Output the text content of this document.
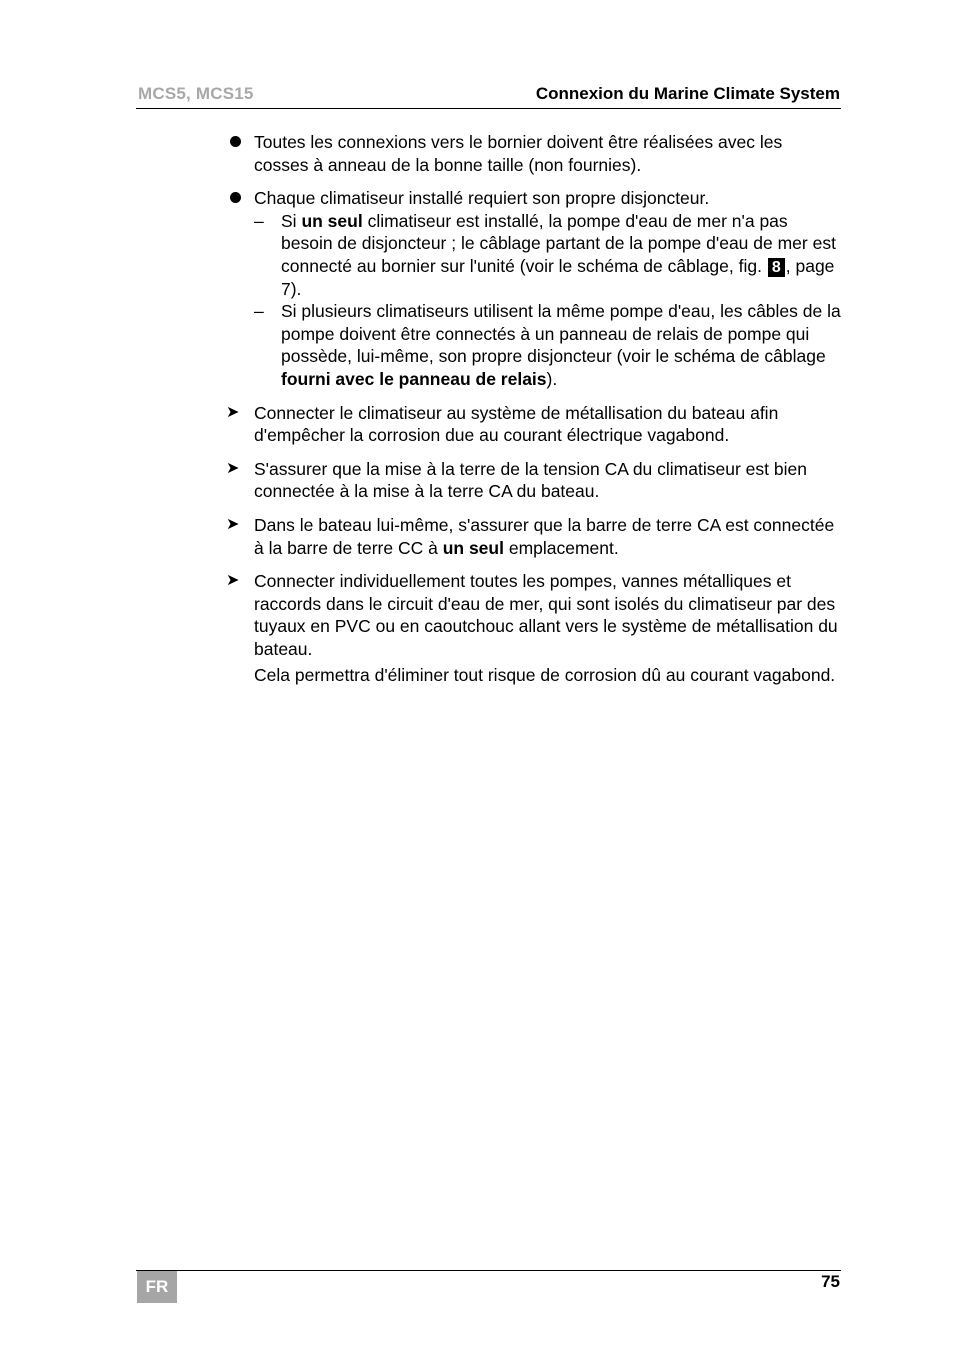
MCS5, MCS15	Connexion du Marine Climate System
Toutes les connexions vers le bornier doivent être réalisées avec les cosses à anneau de la bonne taille (non fournies).
Chaque climatiseur installé requiert son propre disjoncteur.
– Si un seul climatiseur est installé, la pompe d'eau de mer n'a pas besoin de disjoncteur ; le câblage partant de la pompe d'eau de mer est connecté au bornier sur l'unité (voir le schéma de câblage, fig. 8 , page 7).
– Si plusieurs climatiseurs utilisent la même pompe d'eau, les câbles de la pompe doivent être connectés à un panneau de relais de pompe qui possède, lui-même, son propre disjoncteur (voir le schéma de câblage fourni avec le panneau de relais).
➤ Connecter le climatiseur au système de métallisation du bateau afin d'empêcher la corrosion due au courant électrique vagabond.
➤ S'assurer que la mise à la terre de la tension CA du climatiseur est bien connectée à la mise à la terre CA du bateau.
➤ Dans le bateau lui-même, s'assurer que la barre de terre CA est connectée à la barre de terre CC à un seul emplacement.
➤ Connecter individuellement toutes les pompes, vannes métalliques et raccords dans le circuit d'eau de mer, qui sont isolés du climatiseur par des tuyaux en PVC ou en caoutchouc allant vers le système de métallisation du bateau.
Cela permettra d'éliminer tout risque de corrosion dû au courant vagabond.
FR	75
